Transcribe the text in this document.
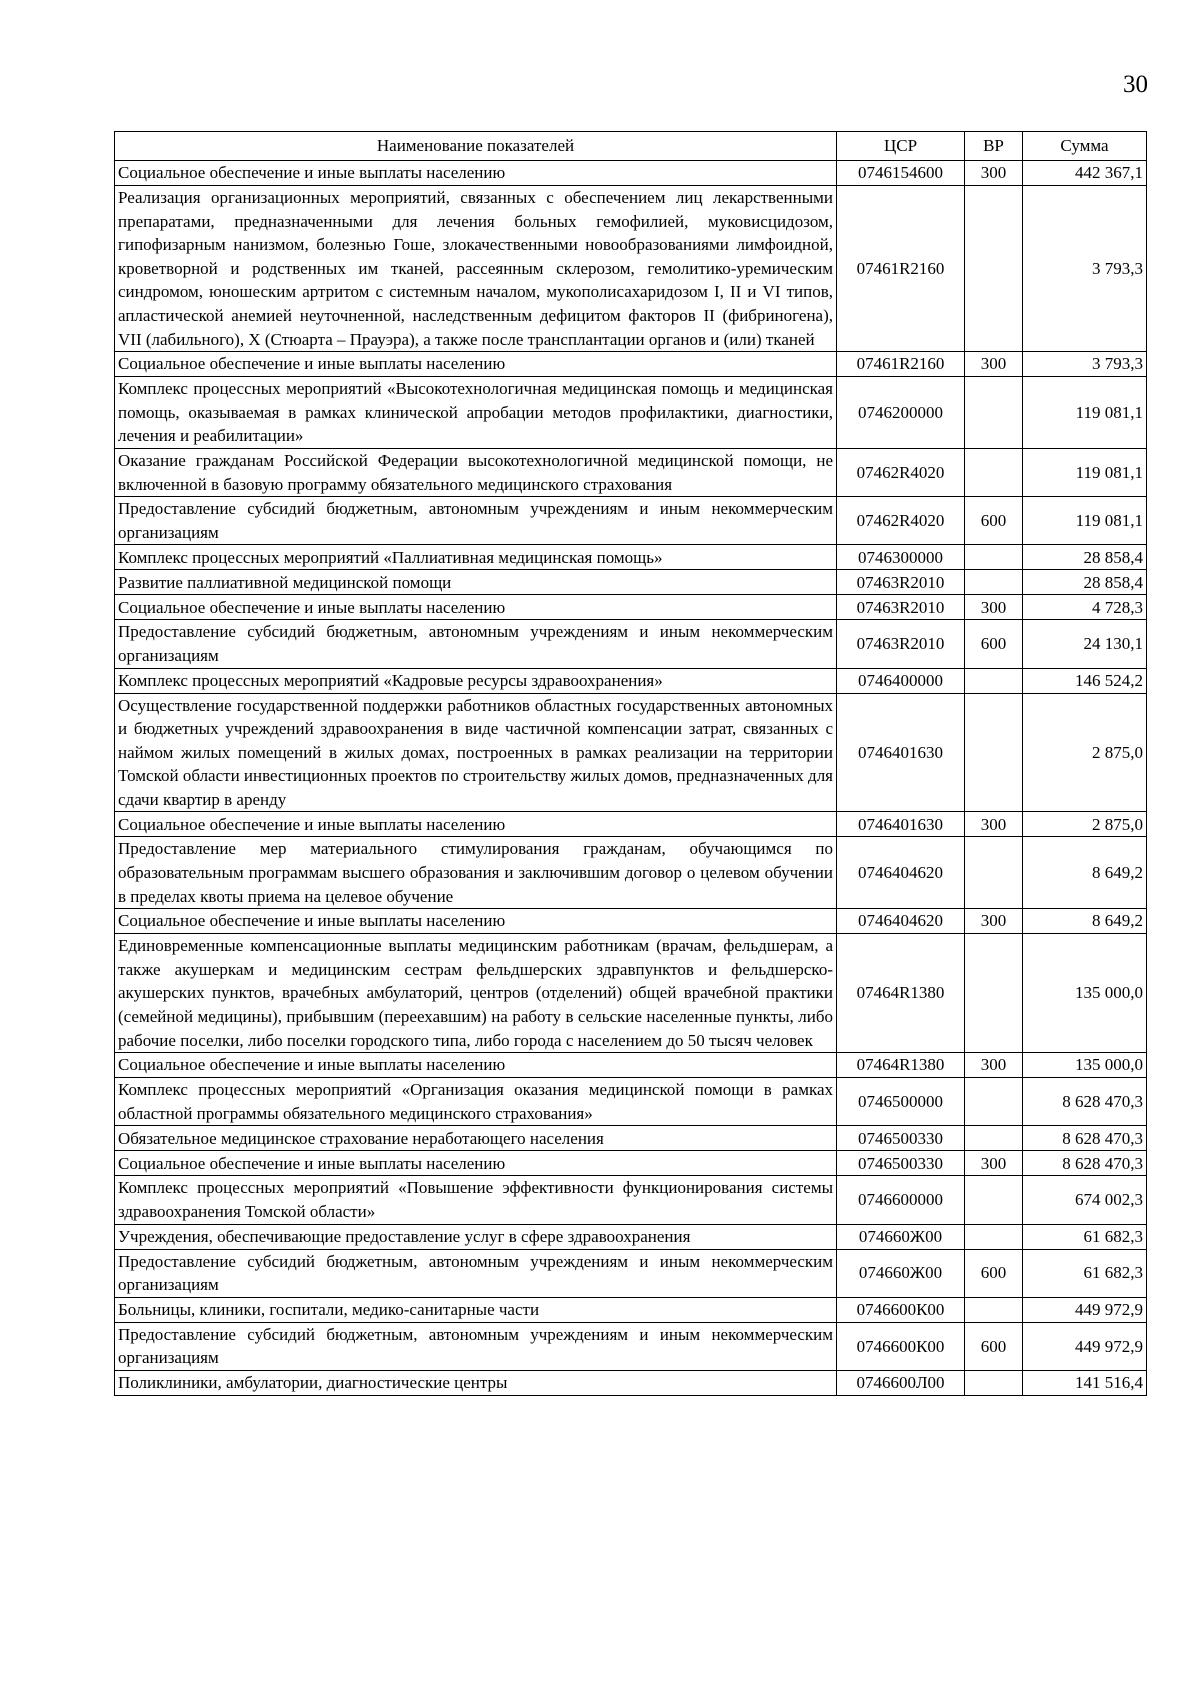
30
Наименование показателей	ЦСР	ВР	Сумма
Социальное обеспечение и иные выплаты населению	0746154600	300	442 367,1
Реализация организационных мероприятий, связанных с обеспечением лиц лекарственными препаратами, предназначенными для лечения больных гемофилией, муковисцидозом, гипофизарным нанизмом, болезнью Гоше, злокачественными новообразованиями лимфоидной, кроветворной и родственных им тканей, рассеянным склерозом, гемолитико-уремическим синдромом, юношеским артритом с системным началом, мукополисахаридозом I, II и VI типов, апластической анемией неуточненной, наследственным дефицитом факторов II (фибриногена), VII (лабильного), X (Стюарта – Прауэра), а также после трансплантации органов и (или) тканей	07461R2160		3 793,3
Социальное обеспечение и иные выплаты населению	07461R2160	300	3 793,3
Комплекс процессных мероприятий «Высокотехнологичная медицинская помощь и медицинская помощь, оказываемая в рамках клинической апробации методов профилактики, диагностики, лечения и реабилитации»	0746200000		119 081,1
Оказание гражданам Российской Федерации высокотехнологичной медицинской помощи, не включенной в базовую программу обязательного медицинского страхования	07462R4020		119 081,1
Предоставление субсидий бюджетным, автономным учреждениям и иным некоммерческим организациям	07462R4020	600	119 081,1
Комплекс процессных мероприятий «Паллиативная медицинская помощь»	0746300000		28 858,4
Развитие паллиативной медицинской помощи	07463R2010		28 858,4
Социальное обеспечение и иные выплаты населению	07463R2010	300	4 728,3
Предоставление субсидий бюджетным, автономным учреждениям и иным некоммерческим организациям	07463R2010	600	24 130,1
Комплекс процессных мероприятий «Кадровые ресурсы здравоохранения»	0746400000		146 524,2
Осуществление государственной поддержки работников областных государственных автономных и бюджетных учреждений здравоохранения в виде частичной компенсации затрат, связанных с наймом жилых помещений в жилых домах, построенных в рамках реализации на территории Томской области инвестиционных проектов по строительству жилых домов, предназначенных для сдачи квартир в аренду	0746401630		2 875,0
Социальное обеспечение и иные выплаты населению	0746401630	300	2 875,0
Предоставление мер материального стимулирования гражданам, обучающимся по образовательным программам высшего образования и заключившим договор о целевом обучении в пределах квоты приема на целевое обучение	0746404620		8 649,2
Социальное обеспечение и иные выплаты населению	0746404620	300	8 649,2
Единовременные компенсационные выплаты медицинским работникам (врачам, фельдшерам, а также акушеркам и медицинским сестрам фельдшерских здравпунктов и фельдшерско-акушерских пунктов, врачебных амбулаторий, центров (отделений) общей врачебной практики (семейной медицины), прибывшим (переехавшим) на работу в сельские населенные пункты, либо рабочие поселки, либо поселки городского типа, либо города с населением до 50 тысяч человек	07464R1380		135 000,0
Социальное обеспечение и иные выплаты населению	07464R1380	300	135 000,0
Комплекс процессных мероприятий «Организация оказания медицинской помощи в рамках областной программы обязательного медицинского страхования»	0746500000		8 628 470,3
Обязательное медицинское страхование неработающего населения	0746500330		8 628 470,3
Социальное обеспечение и иные выплаты населению	0746500330	300	8 628 470,3
Комплекс процессных мероприятий «Повышение эффективности функционирования системы здравоохранения Томской области»	0746600000		674 002,3
Учреждения, обеспечивающие предоставление услуг в сфере здравоохранения	074660Ж00		61 682,3
Предоставление субсидий бюджетным, автономным учреждениям и иным некоммерческим организациям	074660Ж00	600	61 682,3
Больницы, клиники, госпитали, медико-санитарные части	0746600К00		449 972,9
Предоставление субсидий бюджетным, автономным учреждениям и иным некоммерческим организациям	0746600К00	600	449 972,9
Поликлиники, амбулатории, диагностические центры	0746600Л00		141 516,4
